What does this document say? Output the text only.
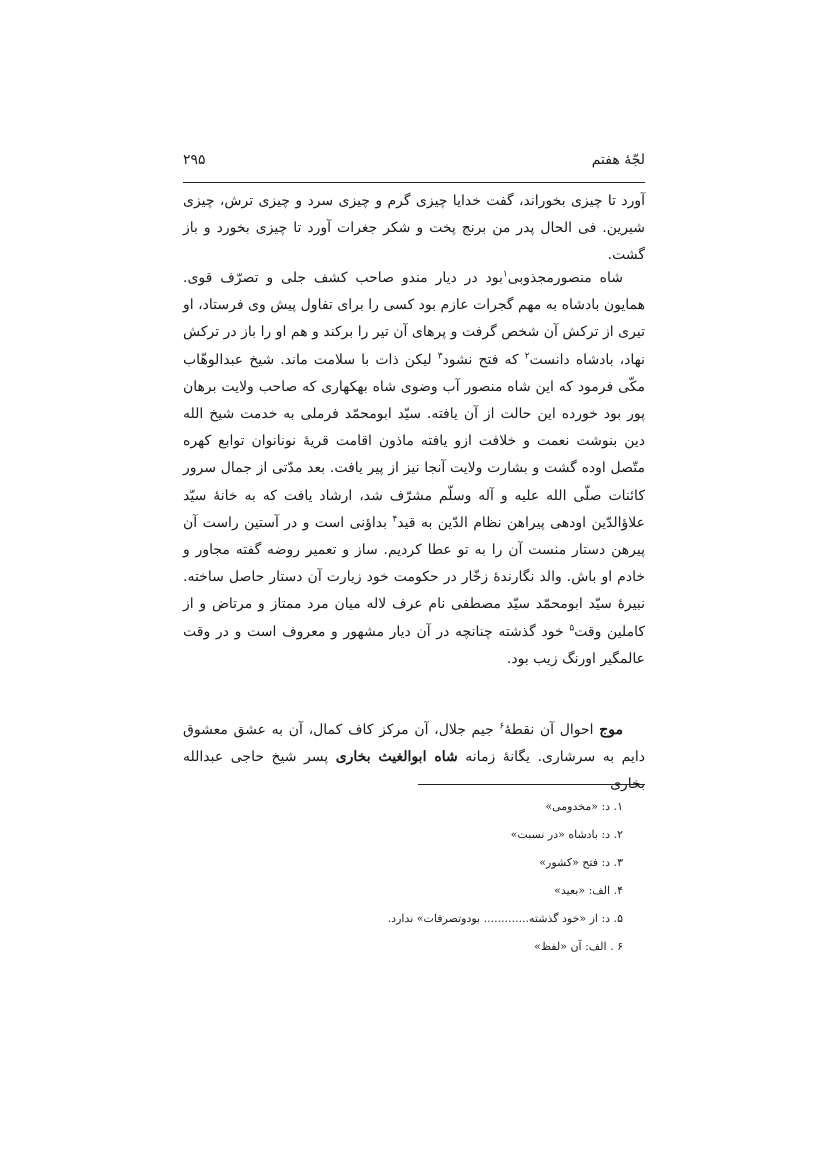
لجّهٔ هفتم
۲۹۵

آورد تا چیزی بخوراند، گفت خدایا چیزی گرم و چیزی سرد و چیزی ترش، چیزی شیرین. فی الحال پدر من برنج پخت و شکر جغرات آورد تا چیزی بخورد و باز گشت.

شاه منصورمجذوبی$^۱$بود در دیار مندو صاحب کشف جلی و تصرّف قوی. همایون بادشاه به مهم گجرات عازم بود کسی را برای تفاول پیش وی فرستاد، او تیری از ترکش آن شخص گرفت و پرهای آن تیر را برکند و هم او را باز در ترکش نهاد، بادشاه دانست$^۲$ که فتح نشود$^۳$ لیکن ذات با سلامت ماند. شیخ عبدالوهّاب مکّی فرمود که این شاه منصور آب وضوی شاه بهکهاری که صاحب ولایت برهان پور بود خورده این حالت از آن یافته. سیّد ابومحمّد فرملی به خدمت شیخ الله دین بنوشت نعمت و خلافت ازو یافته ماذون اقامت قریهٔ نونانوان توابع کهره متّصل اوده گشت و بشارت ولایت آنجا نیز از پیر یافت. بعد مدّتی از جمال سرور کائنات صلّی الله علیه و آله وسلّم مشرّف شد، ارشاد یافت که به خانهٔ سیّد علاؤالدّین اودهی پیراهن نظام الدّین به قید$^۴$ بداؤنی است و در آستین راست آن پیرهن دستار منست آن را به تو عطا کردیم. ساز و تعمیر روضه گفته مجاور و خادم او باش. والد نگارندهٔ زخّار در حکومت خود زیارت آن دستار حاصل ساخته. نبیرهٔ سیّد ابومحمّد سیّد مصطفی نام عرف لاله میان مرد ممتاز و مرتاض و از کاملین وقت$^۵$ خود گذشته چنانچه در آن دیار مشهور و معروف است و در وقت عالمگیر اورنگ زیب بود.

موج احوال آن نقطهٔ$^۶$ جیم جلال، آن مرکز کاف کمال، آن به عشق معشوق دایم به سرشاری. یگانهٔ زمانه شاه ابوالغیث بخاری پسر شیخ حاجی عبدالله بخاری

۱. د: «مخدومی»
۲. د: بادشاه «در نسبت»
۳. د: فتح «کشور»
۴. الف: «بعید»
۵. د: از «خود گذشته............. بودوتصرفات» ندارد.
۶ . الف: آن «لفظ»
